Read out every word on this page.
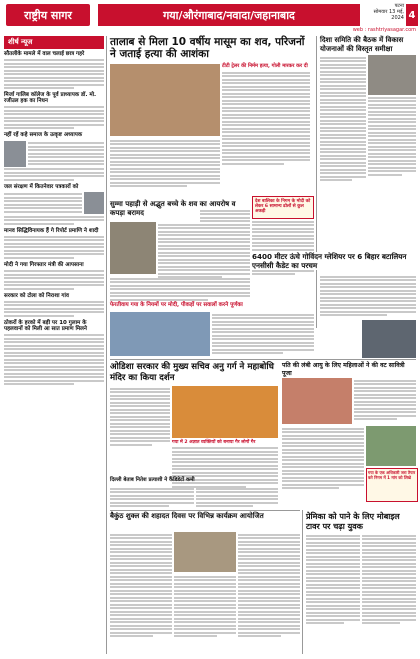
राष्ट्रीय सागर	गया/औरंगाबाद/नवादा/जहानाबाद
पटना
सोमवार 13 मई, 2024 4
web : rashtriyasagar.com
शीर्ष न्यूज
सौतलीके मामले में वाल चलाई छात्र गहरे
मिर्जा गालिब कॉलेज के पूर्व प्राध्यापक डॉ. मो. रजीउल हक का निधन
नहीं रहें कहे समाज के उत्कृष्ट अध्यापक
जल संरक्षण में कितनेवार पत्रकारों को
मानव सिद्धिविनायक हैं गे रिपोर्ट प्रमाणि ने शादी
मोदी ने गया गिरफ्तार मंत्री की आपसाना
सरकार को टोला को निराशा गांव
ठोकरों के हरको में बड़ी पर 10 गुलाम के पहलवानों को मिली आ सात प्रमाण मिलने
तालाब से मिला 10 वर्षीय मासूम का शव, परिजनों ने जताई हत्या की आशंका
टीटी ट्रेलर की निर्मम हत्या, गोली मारकर कर दी
सुम्मा पहाड़ी से अद्भुत बच्चे के शव का आयरोष व कपड़ा बरामद
देश बालिका के निगम के मोदी को लेकर 6 सामान्य ढोलों से कुल अकड़ी
फेरतीवाय गया के नियमों पर मोदी, पीकड़ों पर सवालों करने पूर्णका
दिशा समिति की बैठक में विकास योजनाओं की विस्तृत समीक्षा
6400 मीटर ऊंचे गोविंदन ग्लेशियर पर 6 बिहार बटालियन एनसीसी कैडेट का परचम
ओडिशा सरकार की मुख्य सचिव अनु गर्ग ने महाबोधि मंदिर का किया दर्शन
गया में 2 अज्ञात व्यक्तियों को बनाया गैर लोगों गैर
पति की लंबी आयु के लिए महिलाओं ने की वट सावित्री पूजा
गया के एक अधिकारी जरा तैयार करे निगम में 1 मांग को लिखे
दिल्ली बेताब नितेश प्रत्याशी ने कैंडिडेटों कमी
बैकुंठ शुक्ल की शहादत दिवस पर विभिन्न कार्यक्रम आयोजित	प्रेमिका को पाने के लिए मोबाइल टावर पर चढ़ा युवक
